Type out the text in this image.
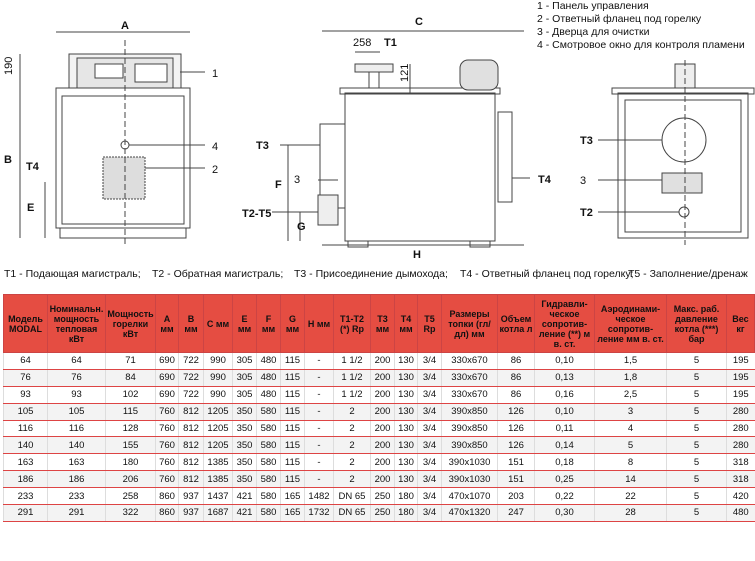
1 - Панель управления
2 - Ответный фланец под горелку
3 - Дверца для очистки
4 - Смотровое окно для контроля пламени
A
190
B
E
T4
1
4
2
C
258 T1
121
T3
F 3
T2-T5
G
H
T4
T3
3
T2
T1 - Подающая магистраль; T2 - Обратная магистраль; T3 - Присоединение дымохода; T4 - Ответный фланец под горелку;
T5 - Заполнение/дренаж
Модель MODAL	Номинальн. мощность тепловая кВт	Мощность горелки кВт	A мм	B мм	C мм	E мм	F мм	G мм	H мм	T1-T2 (*) Rp	T3 мм	T4 мм	T5 Rp	Размеры топки (гл/дл) мм	Объем котла л	Гидравли-ческое сопротив-ление (**) м в. ст.	Аэродинами-ческое сопротив-ление мм в. ст.	Макс. раб. давление котла (***) бар	Вес кг
64	64	71	690	722	990	305	480	115	-	1 1/2	200	130	3/4	330x670	86	0,10	1,5	5	195
76	76	84	690	722	990	305	480	115	-	1 1/2	200	130	3/4	330x670	86	0,13	1,8	5	195
93	93	102	690	722	990	305	480	115	-	1 1/2	200	130	3/4	330x670	86	0,16	2,5	5	195
105	105	115	760	812	1205	350	580	115	-	2	200	130	3/4	390x850	126	0,10	3	5	280
116	116	128	760	812	1205	350	580	115	-	2	200	130	3/4	390x850	126	0,11	4	5	280
140	140	155	760	812	1205	350	580	115	-	2	200	130	3/4	390x850	126	0,14	5	5	280
163	163	180	760	812	1385	350	580	115	-	2	200	130	3/4	390x1030	151	0,18	8	5	318
186	186	206	760	812	1385	350	580	115	-	2	200	130	3/4	390x1030	151	0,25	14	5	318
233	233	258	860	937	1437	421	580	165	1482	DN 65	250	180	3/4	470x1070	203	0,22	22	5	420
291	291	322	860	937	1687	421	580	165	1732	DN 65	250	180	3/4	470x1320	247	0,30	28	5	480
